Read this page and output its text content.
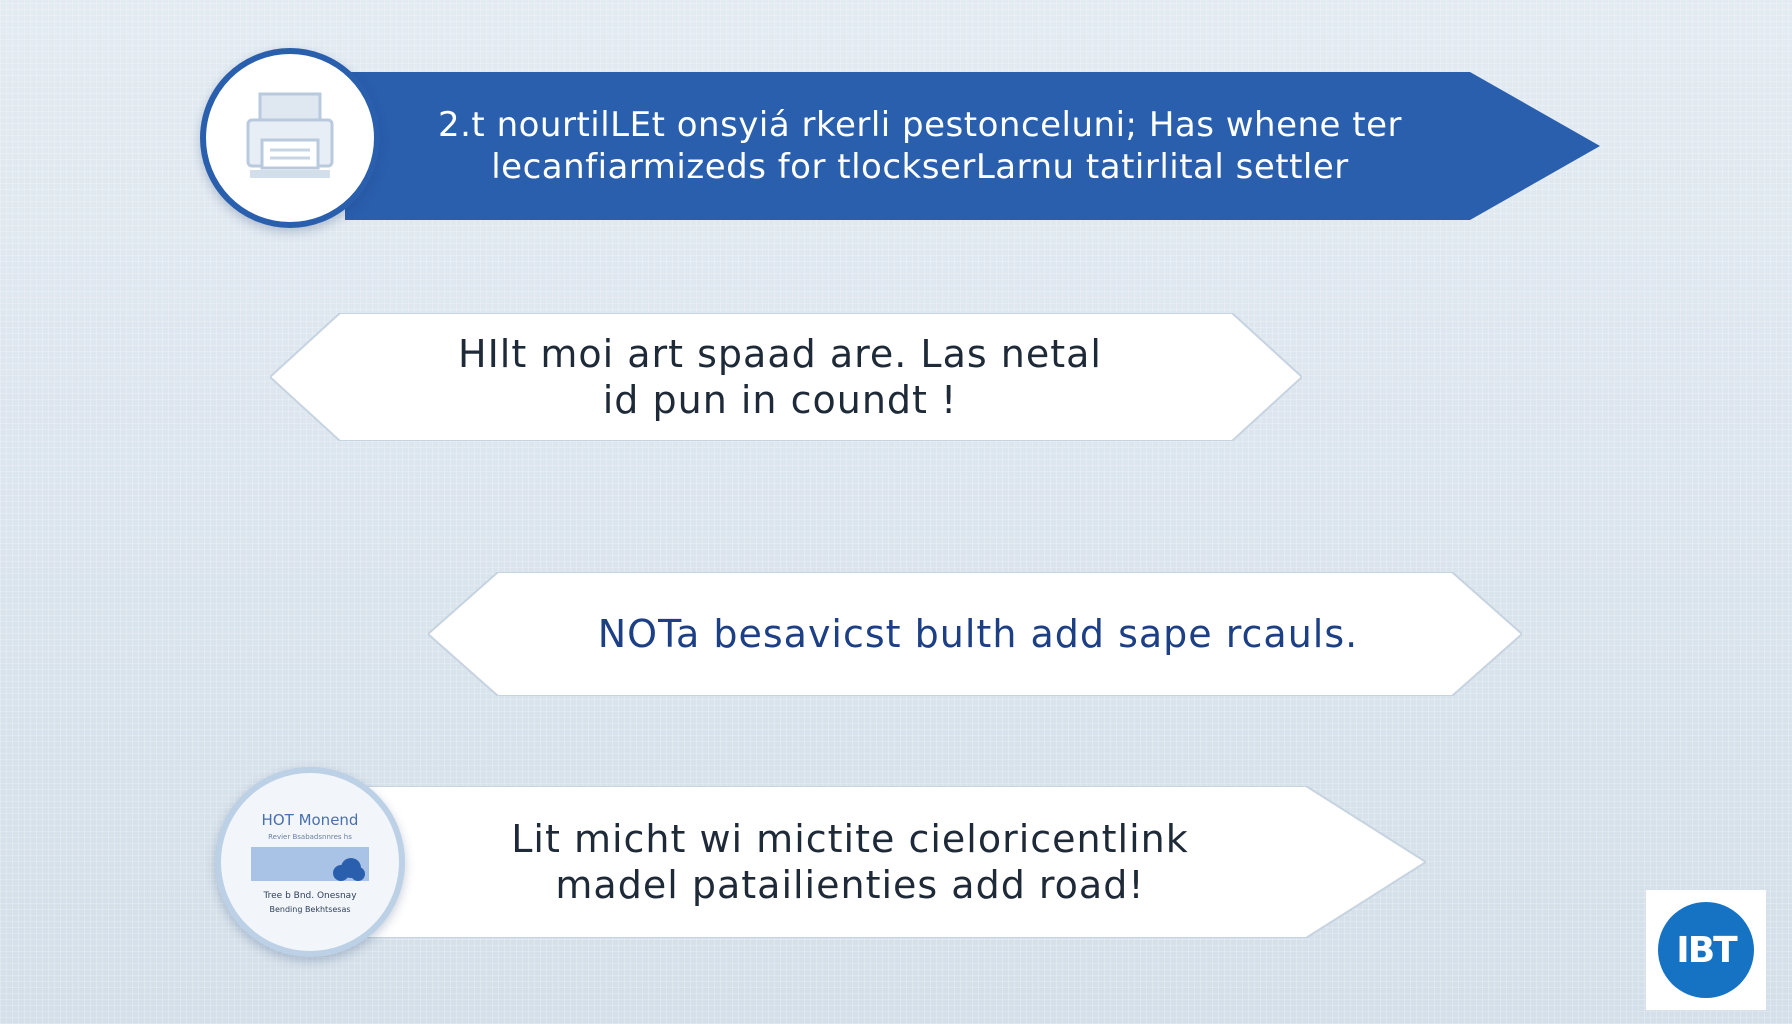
2.t nourtilLEt onsyiá rkerli pestonceluni; Has whene ter
lecanfiarmizeds for tlockserLarnu tatirlital settler
HIlt moi art spaad are. Las netal
id pun in coundt !
NOTa besavicst bulth add sape rcauls.
Lit micht wi mictite cieloricentlink
madel patailienties add road!
HOT Monend
Revier Bsabadsnnres hs
Tree b Bnd. Onesnay
Bending Bekhtsesas
IBT
